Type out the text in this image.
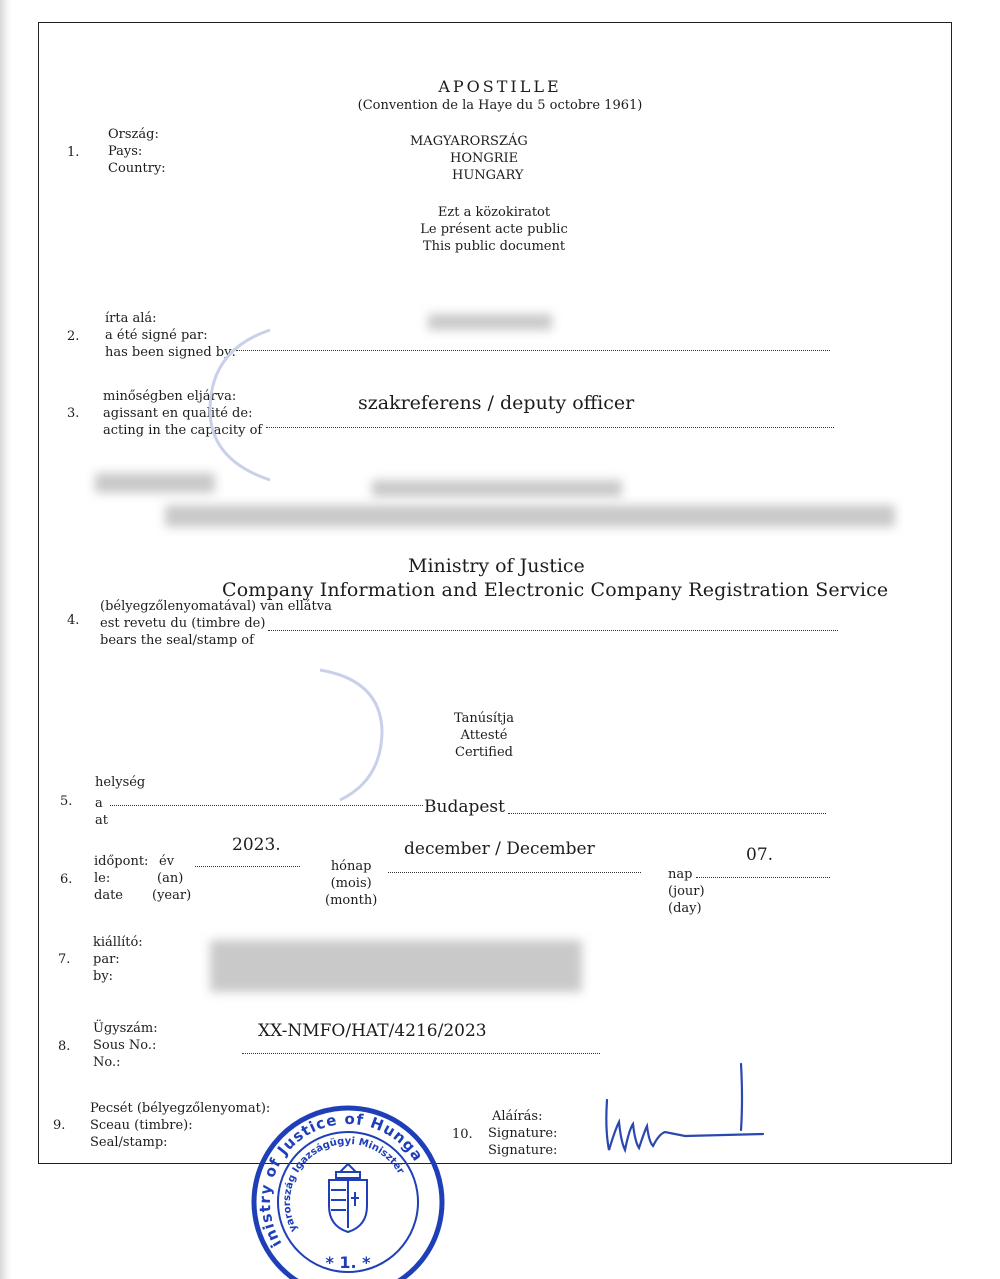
APOSTILLE
(Convention de la Haye du 5 octobre 1961)
1.
Ország:
Pays:
Country:
MAGYARORSZÁG
HONGRIE
HUNGARY
Ezt a közokiratot
Le présent acte public
This public document
2.
írta alá:
a été signé par:
has been signed by:
3.
minőségben eljárva:
agissant en qualité de:
acting in the capacity of
szakreferens / deputy officer
Ministry of Justice
Company Information and Electronic Company Registration Service
4.
(bélyegzőlenyomatával) van ellátva
est revetu du (timbre de)
bears the seal/stamp of
Tanúsítja
Attesté
Certified
5.
helység
a
at
Budapest
2023.	december / December	07.
6.
időpont:
le:
date
év
(an)
(year)
hónap
(mois)
(month)
nap
(jour)
(day)
7.
kiállító:
par:
by:
XX-NMFO/HAT/4216/2023
8.
Ügyszám:
Sous No.:
No.:
9.
Pecsét (bélyegzőlenyomat):
Sceau (timbre):
Seal/stamp:
10.
Aláírás:
Signature:
Signature:
Ministry of Justice of Hungary
Magyarország Igazságügyi Minisztérium
* 1. *
